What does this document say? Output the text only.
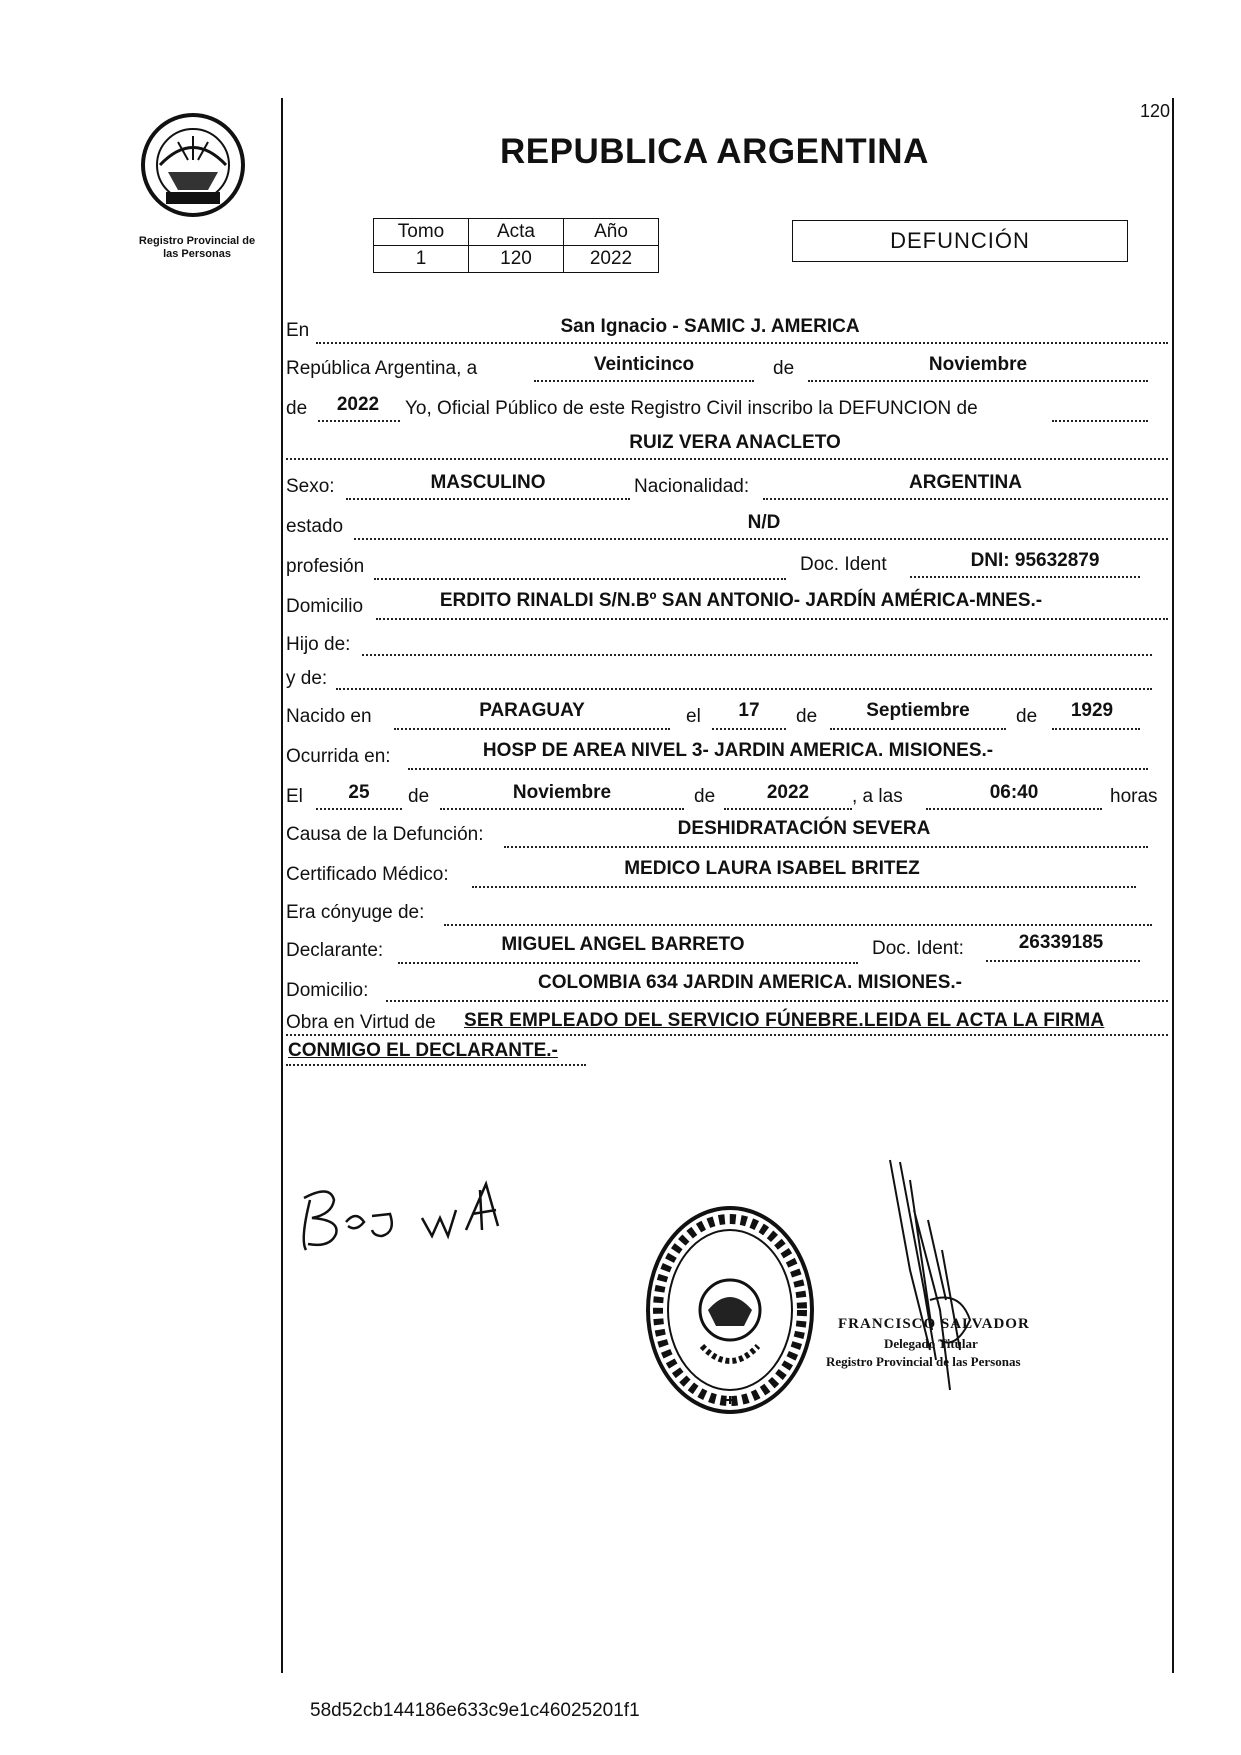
120
Registro Provincial de
las Personas
REPUBLICA ARGENTINA
Tomo	Acta	Año
1	120	2022
DEFUNCIÓN
En	San Ignacio - SAMIC J. AMERICA
República Argentina, a	Veinticinco	de	Noviembre
de	2022	Yo, Oficial Público de este Registro Civil inscribo la DEFUNCION de
RUIZ VERA ANACLETO
Sexo:	MASCULINO	Nacionalidad:	ARGENTINA
estado	N/D
profesión	Doc. Ident	DNI: 95632879
Domicilio	ERDITO RINALDI S/N.Bº SAN ANTONIO- JARDÍN AMÉRICA-MNES.-
Hijo de:
y de:
Nacido en	PARAGUAY	el	17	de	Septiembre	de	1929
Ocurrida en:	HOSP DE AREA NIVEL 3- JARDIN AMERICA. MISIONES.-
El	25	de	Noviembre	de	2022	, a las	06:40	horas
Causa de la Defunción:	DESHIDRATACIÓN SEVERA
Certificado Médico:	MEDICO LAURA ISABEL BRITEZ
Era cónyuge de:
Declarante:	MIGUEL ANGEL BARRETO	Doc. Ident:	26339185
Domicilio:	COLOMBIA 634 JARDIN AMERICA. MISIONES.-
Obra en Virtud de SER EMPLEADO DEL SERVICIO FÚNEBRE.LEIDA EL ACTA LA FIRMA
CONMIGO EL DECLARANTE.-
FRANCISCO SALVADOR
Delegado Titular
Registro Provincial de las Personas
58d52cb144186e633c9e1c46025201f1
